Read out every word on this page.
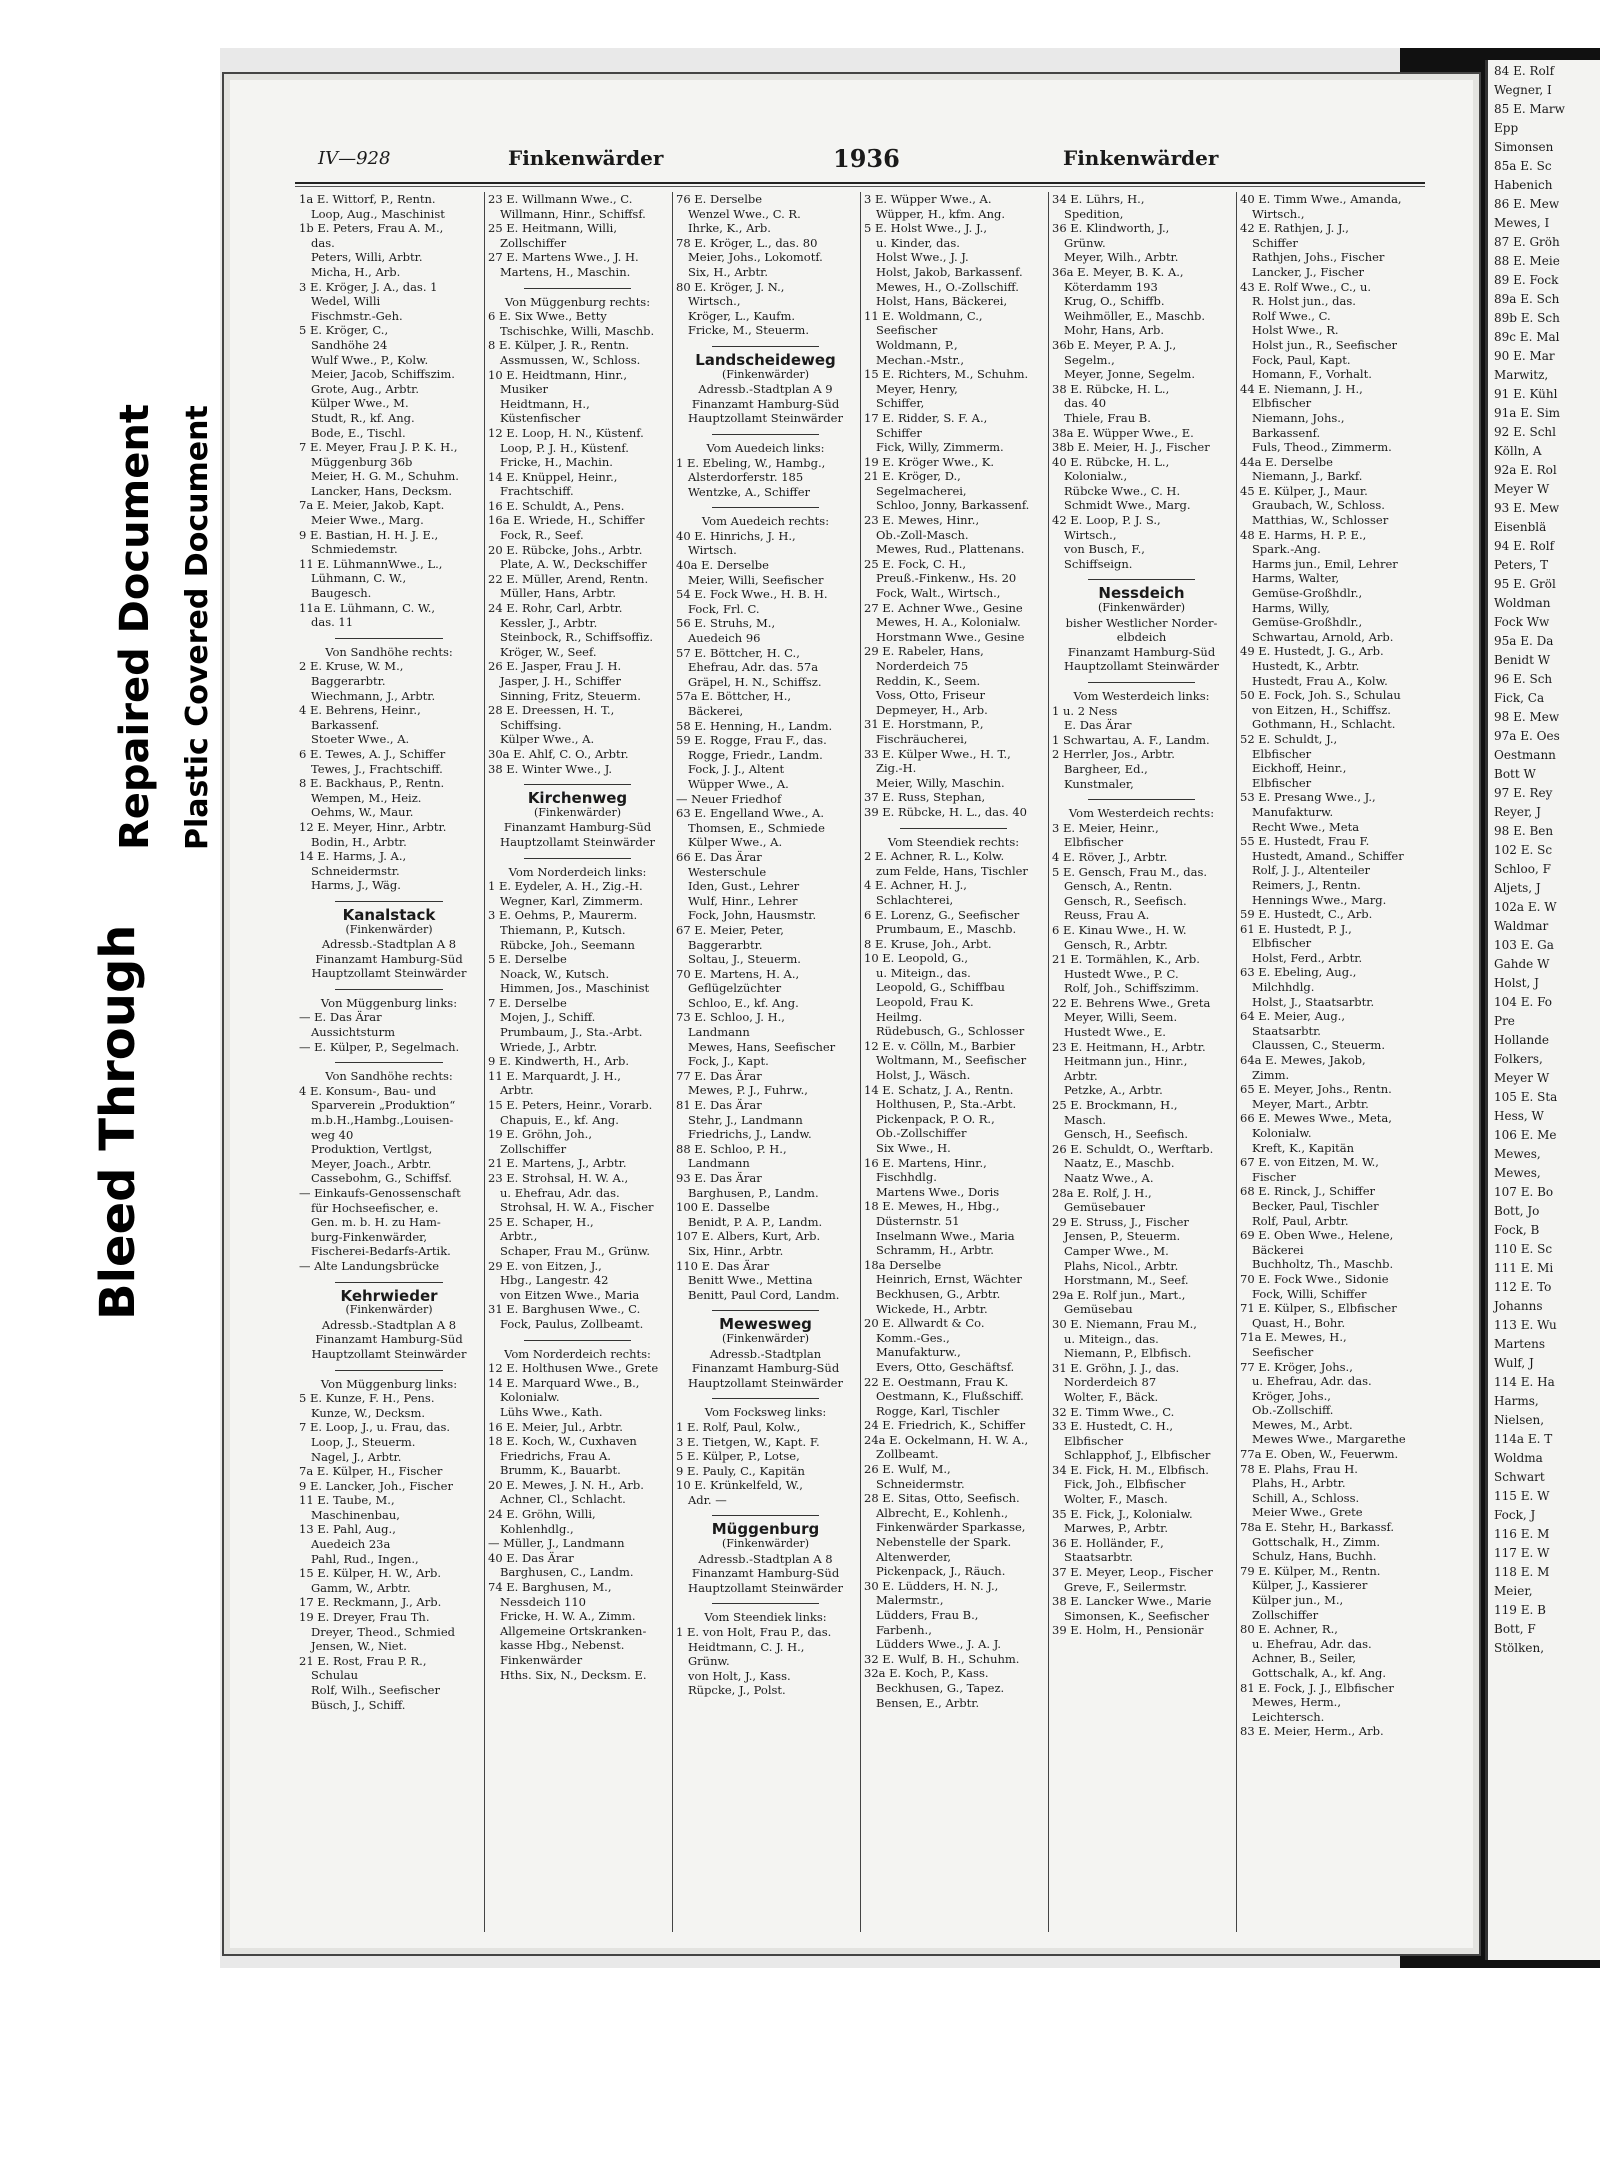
Bleed Through
Repaired Document Plastic Covered Document
IV—928	Finkenwärder	1936	Finkenwärder
1a E. Wittorf, P., Rentn.
Loop, Aug., Maschinist
1b E. Peters, Frau A. M.,
das.
Peters, Willi, Arbtr.
Micha, H., Arb.
3 E. Kröger, J. A., das. 1
Wedel, Willi
Fischmstr.-Geh.
5 E. Kröger, C.,
Sandhöhe 24
Wulf Wwe., P., Kolw.
Meier, Jacob, Schiffszim.
Grote, Aug., Arbtr.
Külper Wwe., M.
Studt, R., kf. Ang.
Bode, E., Tischl.
7 E. Meyer, Frau J. P. K. H.,
Müggenburg 36b
Meier, H. G. M., Schuhm.
Lancker, Hans, Decksm.
7a E. Meier, Jakob, Kapt.
Meier Wwe., Marg.
9 E. Bastian, H. H. J. E.,
Schmiedemstr.
11 E. LühmannWwe., L.,
Lühmann, C. W.,
Baugesch.
11a E. Lühmann, C. W.,
das. 11
Von Sandhöhe rechts:
2 E. Kruse, W. M.,
Baggerarbtr.
Wiechmann, J., Arbtr.
4 E. Behrens, Heinr.,
Barkassenf.
Stoeter Wwe., A.
6 E. Tewes, A. J., Schiffer
Tewes, J., Frachtschiff.
8 E. Backhaus, P., Rentn.
Wempen, M., Heiz.
Oehms, W., Maur.
12 E. Meyer, Hinr., Arbtr.
Bodin, H., Arbtr.
14 E. Harms, J. A.,
Schneidermstr.
Harms, J., Wäg.
Kanalstack
(Finkenwärder)
Adressb.-Stadtplan A 8
Finanzamt Hamburg-Süd
Hauptzollamt Steinwärder
Von Müggenburg links:
— E. Das Ärar
Aussichtsturm
— E. Külper, P., Segelmach.
Von Sandhöhe rechts:
4 E. Konsum-, Bau- und
Sparverein „Produktion“
m.b.H.,Hambg.,Louisen-
weg 40
Produktion, Vertlgst,
Meyer, Joach., Arbtr.
Cassebohm, G., Schiffsf.
— Einkaufs-Genossenschaft
für Hochseefischer, e.
Gen. m. b. H. zu Ham-
burg-Finkenwärder,
Fischerei-Bedarfs-Artik.
— Alte Landungsbrücke
Kehrwieder
(Finkenwärder)
Adressb.-Stadtplan A 8
Finanzamt Hamburg-Süd
Hauptzollamt Steinwärder
Von Müggenburg links:
5 E. Kunze, F. H., Pens.
Kunze, W., Decksm.
7 E. Loop, J., u. Frau, das.
Loop, J., Steuerm.
Nagel, J., Arbtr.
7a E. Külper, H., Fischer
9 E. Lancker, Joh., Fischer
11 E. Taube, M.,
Maschinenbau,
13 E. Pahl, Aug.,
Auedeich 23a
Pahl, Rud., Ingen.,
15 E. Külper, H. W., Arb.
Gamm, W., Arbtr.
17 E. Reckmann, J., Arb.
19 E. Dreyer, Frau Th.
Dreyer, Theod., Schmied
Jensen, W., Niet.
21 E. Rost, Frau P. R.,
Schulau
Rolf, Wilh., Seefischer
Büsch, J., Schiff.
23 E. Willmann Wwe., C.
Willmann, Hinr., Schiffsf.
25 E. Heitmann, Willi,
Zollschiffer
27 E. Martens Wwe., J. H.
Martens, H., Maschin.
Von Müggenburg rechts:
6 E. Six Wwe., Betty
Tschischke, Willi, Maschb.
8 E. Külper, J. R., Rentn.
Assmussen, W., Schloss.
10 E. Heidtmann, Hinr.,
Musiker
Heidtmann, H.,
Küstenfischer
12 E. Loop, H. N., Küstenf.
Loop, P. J. H., Küstenf.
Fricke, H., Machin.
14 E. Knüppel, Heinr.,
Frachtschiff.
16 E. Schuldt, A., Pens.
16a E. Wriede, H., Schiffer
Fock, R., Seef.
20 E. Rübcke, Johs., Arbtr.
Plate, A. W., Deckschiffer
22 E. Müller, Arend, Rentn.
Müller, Hans, Arbtr.
24 E. Rohr, Carl, Arbtr.
Kessler, J., Arbtr.
Steinbock, R., Schiffsoffiz.
Kröger, W., Seef.
26 E. Jasper, Frau J. H.
Jasper, J. H., Schiffer
Sinning, Fritz, Steuerm.
28 E. Dreessen, H. T.,
Schiffsing.
Külper Wwe., A.
30a E. Ahlf, C. O., Arbtr.
38 E. Winter Wwe., J.
Kirchenweg
(Finkenwärder)
Finanzamt Hamburg-Süd
Hauptzollamt Steinwärder
Vom Norderdeich links:
1 E. Eydeler, A. H., Zig.-H.
Wegner, Karl, Zimmerm.
3 E. Oehms, P., Maurerm.
Thiemann, P., Kutsch.
Rübcke, Joh., Seemann
5 E. Derselbe
Noack, W., Kutsch.
Himmen, Jos., Maschinist
7 E. Derselbe
Mojen, J., Schiff.
Prumbaum, J., Sta.-Arbt.
Wriede, J., Arbtr.
9 E. Kindwerth, H., Arb.
11 E. Marquardt, J. H.,
Arbtr.
15 E. Peters, Heinr., Vorarb.
Chapuis, E., kf. Ang.
19 E. Gröhn, Joh.,
Zollschiffer
21 E. Martens, J., Arbtr.
23 E. Strohsal, H. W. A.,
u. Ehefrau, Adr. das.
Strohsal, H. W. A., Fischer
25 E. Schaper, H.,
Arbtr.,
Schaper, Frau M., Grünw.
29 E. von Eitzen, J.,
Hbg., Langestr. 42
von Eitzen Wwe., Maria
31 E. Barghusen Wwe., C.
Fock, Paulus, Zollbeamt.
Vom Norderdeich rechts:
12 E. Holthusen Wwe., Grete
14 E. Marquard Wwe., B.,
Kolonialw.
Lühs Wwe., Kath.
16 E. Meier, Jul., Arbtr.
18 E. Koch, W., Cuxhaven
Friedrichs, Frau A.
Brumm, K., Bauarbt.
20 E. Mewes, J. N. H., Arb.
Achner, Cl., Schlacht.
24 E. Gröhn, Willi,
Kohlenhdlg.,
— Müller, J., Landmann
40 E. Das Ärar
Barghusen, C., Landm.
74 E. Barghusen, M.,
Nessdeich 110
Fricke, H. W. A., Zimm.
Allgemeine Ortskranken-
kasse Hbg., Nebenst.
Finkenwärder
Hths. Six, N., Decksm. E.
76 E. Derselbe
Wenzel Wwe., C. R.
Ihrke, K., Arb.
78 E. Kröger, L., das. 80
Meier, Johs., Lokomotf.
Six, H., Arbtr.
80 E. Kröger, J. N.,
Wirtsch.,
Kröger, L., Kaufm.
Fricke, M., Steuerm.
Landscheideweg
(Finkenwärder)
Adressb.-Stadtplan A 9
Finanzamt Hamburg-Süd
Hauptzollamt Steinwärder
Vom Auedeich links:
1 E. Ebeling, W., Hambg.,
Alsterdorferstr. 185
Wentzke, A., Schiffer
Vom Auedeich rechts:
40 E. Hinrichs, J. H.,
Wirtsch.
40a E. Derselbe
Meier, Willi, Seefischer
54 E. Fock Wwe., H. B. H.
Fock, Frl. C.
56 E. Struhs, M.,
Auedeich 96
57 E. Böttcher, H. C.,
Ehefrau, Adr. das. 57a
Gräpel, H. N., Schiffsz.
57a E. Böttcher, H.,
Bäckerei,
58 E. Henning, H., Landm.
59 E. Rogge, Frau F., das.
Rogge, Friedr., Landm.
Fock, J. J., Altent
Wüpper Wwe., A.
— Neuer Friedhof
63 E. Engelland Wwe., A.
Thomsen, E., Schmiede
Külper Wwe., A.
66 E. Das Ärar
Westerschule
Iden, Gust., Lehrer
Wulf, Hinr., Lehrer
Fock, John, Hausmstr.
67 E. Meier, Peter,
Baggerarbtr.
Soltau, J., Steuerm.
70 E. Martens, H. A.,
Geflügelzüchter
Schloo, E., kf. Ang.
73 E. Schloo, J. H.,
Landmann
Mewes, Hans, Seefischer
Fock, J., Kapt.
77 E. Das Ärar
Mewes, P. J., Fuhrw.,
81 E. Das Ärar
Stehr, J., Landmann
Friedrichs, J., Landw.
88 E. Schloo, P. H.,
Landmann
93 E. Das Ärar
Barghusen, P., Landm.
100 E. Dasselbe
Benidt, P. A. P., Landm.
107 E. Albers, Kurt, Arb.
Six, Hinr., Arbtr.
110 E. Das Ärar
Benitt Wwe., Mettina
Benitt, Paul Cord, Landm.
Mewesweg
(Finkenwärder)
Adressb.-Stadtplan
Finanzamt Hamburg-Süd
Hauptzollamt Steinwärder
Vom Focksweg links:
1 E. Rolf, Paul, Kolw.,
3 E. Tietgen, W., Kapt. F.
5 E. Külper, P., Lotse,
9 E. Pauly, C., Kapitän
10 E. Krünkelfeld, W.,
Adr. —
Müggenburg
(Finkenwärder)
Adressb.-Stadtplan A 8
Finanzamt Hamburg-Süd
Hauptzollamt Steinwärder
Vom Steendiek links:
1 E. von Holt, Frau P., das.
Heidtmann, C. J. H.,
Grünw.
von Holt, J., Kass.
Rüpcke, J., Polst.
3 E. Wüpper Wwe., A.
Wüpper, H., kfm. Ang.
5 E. Holst Wwe., J. J.,
u. Kinder, das.
Holst Wwe., J. J.
Holst, Jakob, Barkassenf.
Mewes, H., O.-Zollschiff.
Holst, Hans, Bäckerei,
11 E. Woldmann, C.,
Seefischer
Woldmann, P.,
Mechan.-Mstr.,
15 E. Richters, M., Schuhm.
Meyer, Henry,
Schiffer,
17 E. Ridder, S. F. A.,
Schiffer
Fick, Willy, Zimmerm.
19 E. Kröger Wwe., K.
21 E. Kröger, D.,
Segelmacherei,
Schloo, Jonny, Barkassenf.
23 E. Mewes, Hinr.,
Ob.-Zoll-Masch.
Mewes, Rud., Plattenans.
25 E. Fock, C. H.,
Preuß.-Finkenw., Hs. 20
Fock, Walt., Wirtsch.,
27 E. Achner Wwe., Gesine
Mewes, H. A., Kolonialw.
Horstmann Wwe., Gesine
29 E. Rabeler, Hans,
Norderdeich 75
Reddin, K., Seem.
Voss, Otto, Friseur
Depmeyer, H., Arb.
31 E. Horstmann, P.,
Fischräucherei,
33 E. Külper Wwe., H. T.,
Zig.-H.
Meier, Willy, Maschin.
37 E. Russ, Stephan,
39 E. Rübcke, H. L., das. 40
Vom Steendiek rechts:
2 E. Achner, R. L., Kolw.
zum Felde, Hans, Tischler
4 E. Achner, H. J.,
Schlachterei,
6 E. Lorenz, G., Seefischer
Prumbaum, E., Maschb.
8 E. Kruse, Joh., Arbt.
10 E. Leopold, G.,
u. Miteign., das.
Leopold, G., Schiffbau
Leopold, Frau K.
Heilmg.
Rüdebusch, G., Schlosser
12 E. v. Cölln, M., Barbier
Woltmann, M., Seefischer
Holst, J., Wäsch.
14 E. Schatz, J. A., Rentn.
Holthusen, P., Sta.-Arbt.
Pickenpack, P. O. R.,
Ob.-Zollschiffer
Six Wwe., H.
16 E. Martens, Hinr.,
Fischhdlg.
Martens Wwe., Doris
18 E. Mewes, H., Hbg.,
Düsternstr. 51
Inselmann Wwe., Maria
Schramm, H., Arbtr.
18a Derselbe
Heinrich, Ernst, Wächter
Beckhusen, G., Arbtr.
Wickede, H., Arbtr.
20 E. Allwardt & Co.
Komm.-Ges.,
Manufakturw.,
Evers, Otto, Geschäftsf.
22 E. Oestmann, Frau K.
Oestmann, K., Flußschiff.
Rogge, Karl, Tischler
24 E. Friedrich, K., Schiffer
24a E. Ockelmann, H. W. A.,
Zollbeamt.
26 E. Wulf, M.,
Schneidermstr.
28 E. Sitas, Otto, Seefisch.
Albrecht, E., Kohlenh.,
Finkenwärder Sparkasse,
Nebenstelle der Spark.
Altenwerder,
Pickenpack, J., Räuch.
30 E. Lüdders, H. N. J.,
Malermstr.,
Lüdders, Frau B.,
Farbenh.,
Lüdders Wwe., J. A. J.
32 E. Wulf, B. H., Schuhm.
32a E. Koch, P., Kass.
Beckhusen, G., Tapez.
Bensen, E., Arbtr.
34 E. Lührs, H.,
Spedition,
36 E. Klindworth, J.,
Grünw.
Meyer, Wilh., Arbtr.
36a E. Meyer, B. K. A.,
Köterdamm 193
Krug, O., Schiffb.
Weihmöller, E., Maschb.
Mohr, Hans, Arb.
36b E. Meyer, P. A. J.,
Segelm.,
Meyer, Jonne, Segelm.
38 E. Rübcke, H. L.,
das. 40
Thiele, Frau B.
38a E. Wüpper Wwe., E.
38b E. Meier, H. J., Fischer
40 E. Rübcke, H. L.,
Kolonialw.,
Rübcke Wwe., C. H.
Schmidt Wwe., Marg.
42 E. Loop, P. J. S.,
Wirtsch.,
von Busch, F.,
Schiffseign.
Nessdeich
(Finkenwärder)
bisher Westlicher Norder-
elbdeich
Finanzamt Hamburg-Süd
Hauptzollamt Steinwärder
Vom Westerdeich links:
1 u. 2 Ness
E. Das Ärar
1 Schwartau, A. F., Landm.
2 Herrler, Jos., Arbtr.
Bargheer, Ed.,
Kunstmaler,
Vom Westerdeich rechts:
3 E. Meier, Heinr.,
Elbfischer
4 E. Röver, J., Arbtr.
5 E. Gensch, Frau M., das.
Gensch, A., Rentn.
Gensch, R., Seefisch.
Reuss, Frau A.
6 E. Kinau Wwe., H. W.
Gensch, R., Arbtr.
21 E. Tormählen, K., Arb.
Hustedt Wwe., P. C.
Rolf, Joh., Schiffszimm.
22 E. Behrens Wwe., Greta
Meyer, Willi, Seem.
Hustedt Wwe., E.
23 E. Heitmann, H., Arbtr.
Heitmann jun., Hinr.,
Arbtr.
Petzke, A., Arbtr.
25 E. Brockmann, H.,
Masch.
Gensch, H., Seefisch.
26 E. Schuldt, O., Werftarb.
Naatz, E., Maschb.
Naatz Wwe., A.
28a E. Rolf, J. H.,
Gemüsebauer
29 E. Struss, J., Fischer
Jensen, P., Steuerm.
Camper Wwe., M.
Plahs, Nicol., Arbtr.
Horstmann, M., Seef.
29a E. Rolf jun., Mart.,
Gemüsebau
30 E. Niemann, Frau M.,
u. Miteign., das.
Niemann, P., Elbfisch.
31 E. Gröhn, J. J., das.
Norderdeich 87
Wolter, F., Bäck.
32 E. Timm Wwe., C.
33 E. Hustedt, C. H.,
Elbfischer
Schlapphof, J., Elbfischer
34 E. Fick, H. M., Elbfisch.
Fick, Joh., Elbfischer
Wolter, F., Masch.
35 E. Fick, J., Kolonialw.
Marwes, P., Arbtr.
36 E. Holländer, F.,
Staatsarbtr.
37 E. Meyer, Leop., Fischer
Greve, F., Seilermstr.
38 E. Lancker Wwe., Marie
Simonsen, K., Seefischer
39 E. Holm, H., Pensionär
40 E. Timm Wwe., Amanda,
Wirtsch.,
42 E. Rathjen, J. J.,
Schiffer
Rathjen, Johs., Fischer
Lancker, J., Fischer
43 E. Rolf Wwe., C., u.
R. Holst jun., das.
Rolf Wwe., C.
Holst Wwe., R.
Holst jun., R., Seefischer
Fock, Paul, Kapt.
Homann, F., Vorhalt.
44 E. Niemann, J. H.,
Elbfischer
Niemann, Johs.,
Barkassenf.
Fuls, Theod., Zimmerm.
44a E. Derselbe
Niemann, J., Barkf.
45 E. Külper, J., Maur.
Graubach, W., Schloss.
Matthias, W., Schlosser
48 E. Harms, H. P. E.,
Spark.-Ang.
Harms jun., Emil, Lehrer
Harms, Walter,
Gemüse-Großhdlr.,
Harms, Willy,
Gemüse-Großhdlr.,
Schwartau, Arnold, Arb.
49 E. Hustedt, J. G., Arb.
Hustedt, K., Arbtr.
Hustedt, Frau A., Kolw.
50 E. Fock, Joh. S., Schulau
von Eitzen, H., Schiffsz.
Gothmann, H., Schlacht.
52 E. Schuldt, J.,
Elbfischer
Eickhoff, Heinr.,
Elbfischer
53 E. Presang Wwe., J.,
Manufakturw.
Recht Wwe., Meta
55 E. Hustedt, Frau F.
Hustedt, Amand., Schiffer
Rolf, J. J., Altenteiler
Reimers, J., Rentn.
Hennings Wwe., Marg.
59 E. Hustedt, C., Arb.
61 E. Hustedt, P. J.,
Elbfischer
Holst, Ferd., Arbtr.
63 E. Ebeling, Aug.,
Milchhdlg.
Holst, J., Staatsarbtr.
64 E. Meier, Aug.,
Staatsarbtr.
Claussen, C., Steuerm.
64a E. Mewes, Jakob,
Zimm.
65 E. Meyer, Johs., Rentn.
Meyer, Mart., Arbtr.
66 E. Mewes Wwe., Meta,
Kolonialw.
Kreft, K., Kapitän
67 E. von Eitzen, M. W.,
Fischer
68 E. Rinck, J., Schiffer
Becker, Paul, Tischler
Rolf, Paul, Arbtr.
69 E. Oben Wwe., Helene,
Bäckerei
Buchholtz, Th., Maschb.
70 E. Fock Wwe., Sidonie
Fock, Willi, Schiffer
71 E. Külper, S., Elbfischer
Quast, H., Bohr.
71a E. Mewes, H.,
Seefischer
77 E. Kröger, Johs.,
u. Ehefrau, Adr. das.
Kröger, Johs.,
Ob.-Zollschiff.
Mewes, M., Arbt.
Mewes Wwe., Margarethe
77a E. Oben, W., Feuerwm.
78 E. Plahs, Frau H.
Plahs, H., Arbtr.
Schill, A., Schloss.
Meier Wwe., Grete
78a E. Stehr, H., Barkassf.
Gottschalk, H., Zimm.
Schulz, Hans, Buchh.
79 E. Külper, M., Rentn.
Külper, J., Kassierer
Külper jun., M.,
Zollschiffer
80 E. Achner, R.,
u. Ehefrau, Adr. das.
Achner, B., Seiler,
Gottschalk, A., kf. Ang.
81 E. Fock, J. J., Elbfischer
Mewes, Herm.,
Leichtersch.
83 E. Meier, Herm., Arb.
84 E. Rolf
Wegner, I
85 E. Marw
Epp
Simonsen
85a E. Sc
Habenich
86 E. Mew
Mewes, I
87 E. Gröh
88 E. Meie
89 E. Fock
89a E. Sch
89b E. Sch
89c E. Mal
90 E. Mar
Marwitz,
91 E. Kühl
91a E. Sim
92 E. Schl
Kölln, A
92a E. Rol
Meyer W
93 E. Mew
Eisenblä
94 E. Rolf
Peters, T
95 E. Gröl
Woldman
Fock Ww
95a E. Da
Benidt W
96 E. Sch
Fick, Ca
98 E. Mew
97a E. Oes
Oestmann
Bott W
97 E. Rey
Reyer, J
98 E. Ben
102 E. Sc
Schloo, F
Aljets, J
102a E. W
Waldmar
103 E. Ga
Gahde W
Holst, J
104 E. Fo
Pre
Hollande
Folkers,
Meyer W
105 E. Sta
Hess, W
106 E. Me
Mewes,
Mewes,
107 E. Bo
Bott, Jo
Fock, B
110 E. Sc
111 E. Mi
112 E. To
Johanns
113 E. Wu
Martens
Wulf, J
114 E. Ha
Harms,
Nielsen,
114a E. T
Woldma
Schwart
115 E. W
Fock, J
116 E. M
117 E. W
118 E. M
Meier,
119 E. B
Bott, F
Stölken,
